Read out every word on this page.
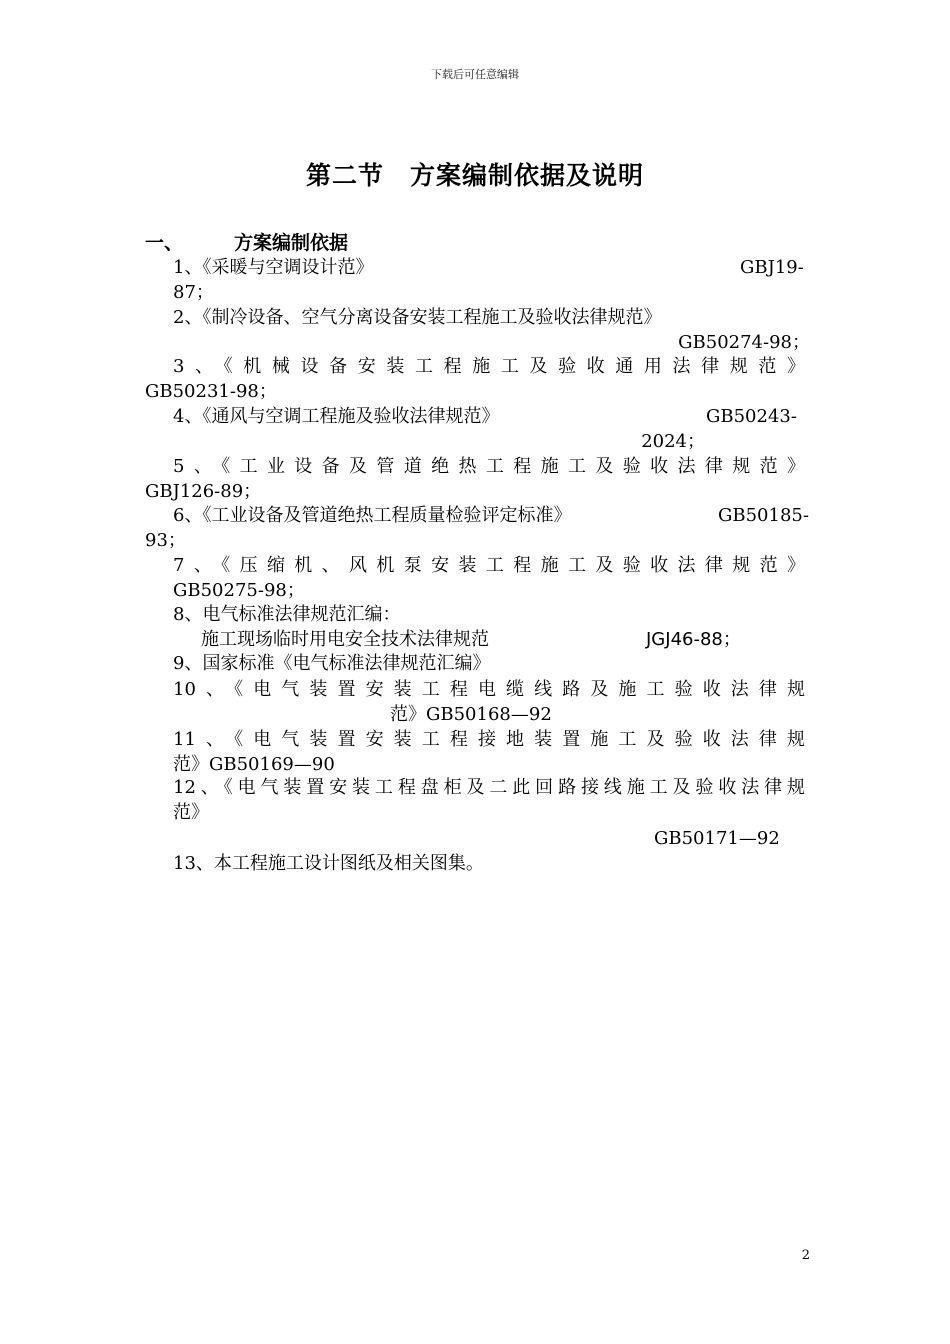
下载后可任意编辑
第二节　方案编制依据及说明
一、	方案编制依据
1、《采暖与空调设计范》	GBJ19-
87；
2、《制冷设备、空气分离设备安装工程施工及验收法律规范》
GB50274-98；
3、《机械设备安装工程施工及验收通用法律规范》
GB50231-98；
4、《通风与空调工程施及验收法律规范》	GB50243-
2024；
5、《工业设备及管道绝热工程施工及验收法律规范》
GBJ126-89；
6、《工业设备及管道绝热工程质量检验评定标准》	GB50185-
93；
7、《压缩机、风机泵安装工程施工及验收法律规范》
GB50275-98；
8、电气标准法律规范汇编：
施工现场临时用电安全技术法律规范	JGJ46-88；
9、国家标准《电气标准法律规范汇编》
10、《电气装置安装工程电缆线路及施工验收法律规
范》GB50168—92
11、《电气装置安装工程接地装置施工及验收法律规
范》GB50169—90
12、《电气装置安装工程盘柜及二此回路接线施工及验收法律规
范》
GB50171—92
13、本工程施工设计图纸及相关图集。
2
